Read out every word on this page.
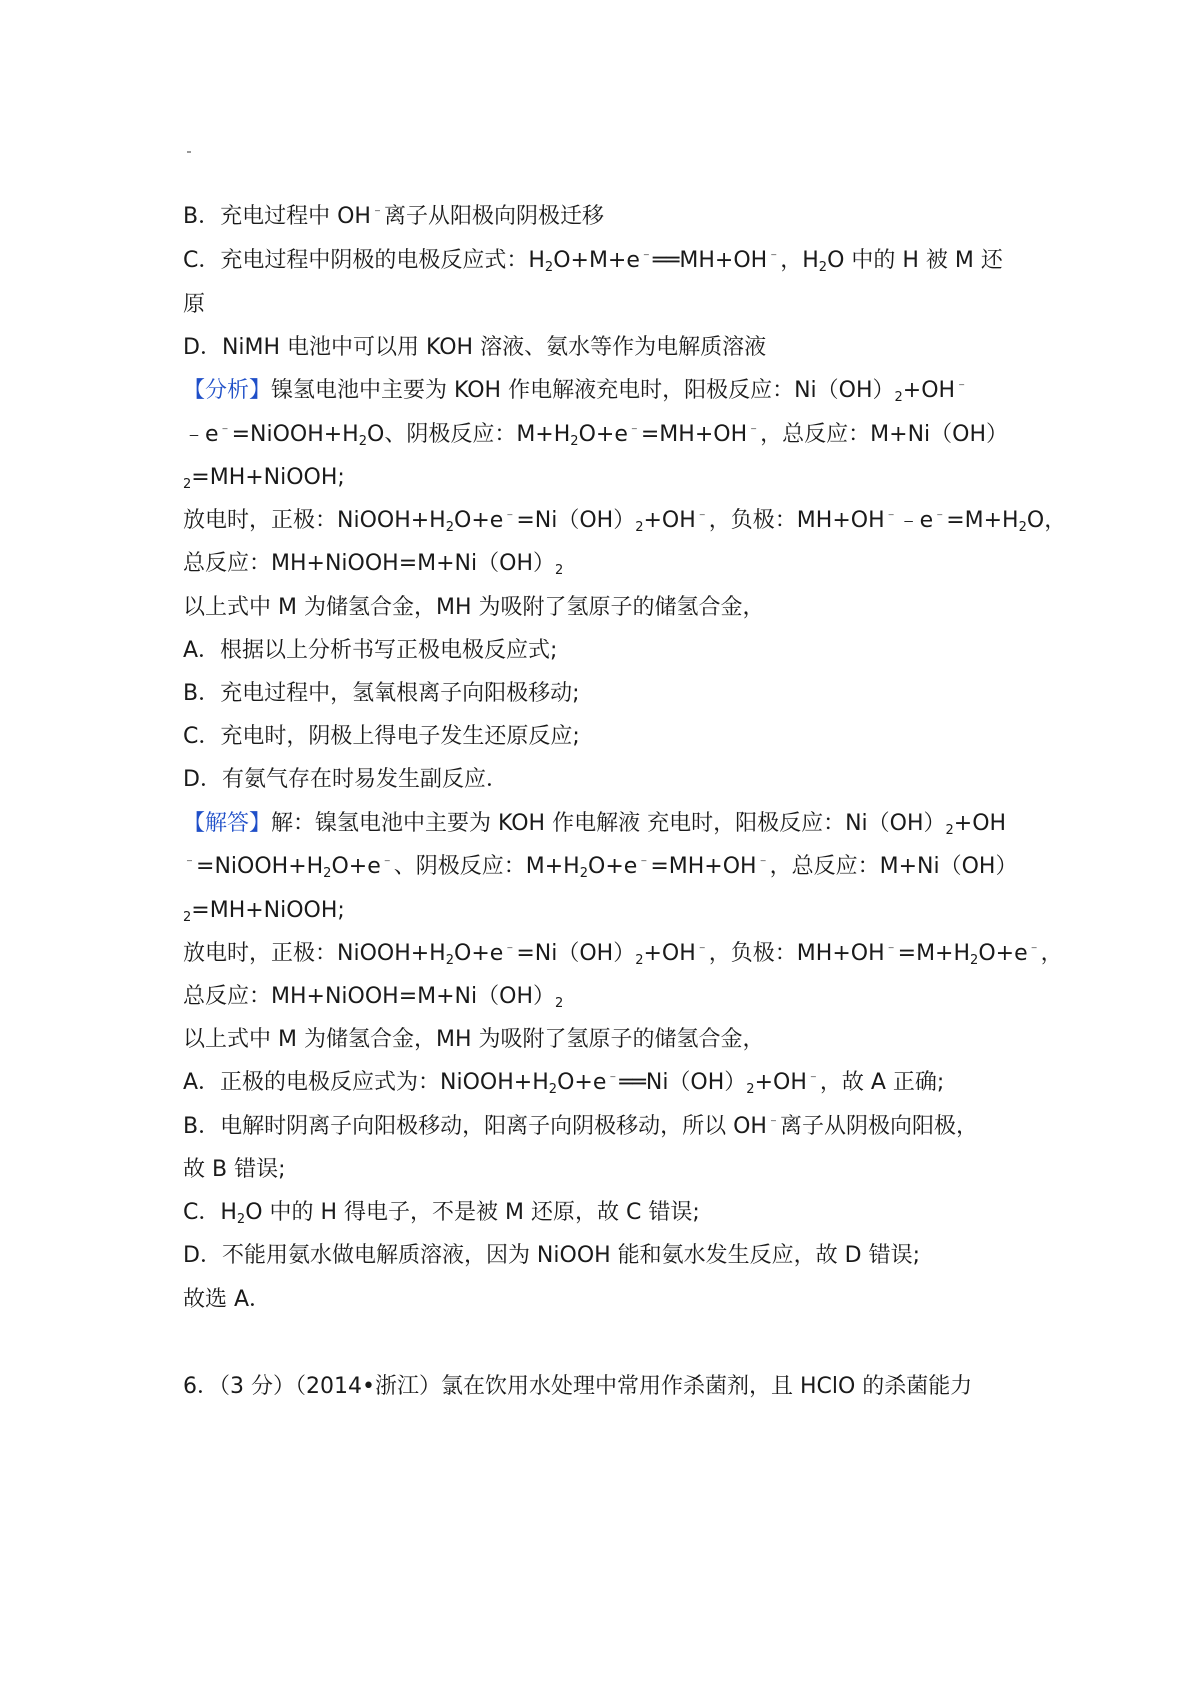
B．充电过程中 OH﹣离子从阳极向阴极迁移
C．充电过程中阴极的电极反应式：$H_2O+M+e^﹣══MH+OH^﹣$，$H_2O$ 中的 H 被 M 还
原
D．NiMH 电池中可以用 KOH 溶液、氨水等作为电解质溶液
【分析】镍氢电池中主要为 KOH 作电解液充电时，阳极反应：$Ni(OH)_2+OH^﹣$
$﹣e^﹣=NiOOH+H_2O$、阴极反应：$M+H_2O+e^﹣=MH+OH^﹣$，总反应：M+Ni（OH）
$_2$=MH+NiOOH;
放电时，正极：$NiOOH+H_2O+e^﹣=Ni(OH)_2+OH^﹣$，负极：$MH+OH^﹣﹣e^﹣=M+H_2O$，
总反应：$MH+NiOOH=M+Ni(OH)_2$
以上式中 M 为储氢合金，MH 为吸附了氢原子的储氢合金，
A．根据以上分析书写正极电极反应式;
B．充电过程中，氢氧根离子向阳极移动;
C．充电时，阴极上得电子发生还原反应;
D．有氨气存在时易发生副反应．
【解答】解：镍氢电池中主要为 KOH 作电解液 充电时，阳极反应：$Ni(OH)_2+OH$
$^﹣=NiOOH+H_2O+e^﹣$、阴极反应：$M+H_2O+e^﹣=MH+OH^﹣$，总反应：M+Ni（OH）
$_2$=MH+NiOOH;
放电时，正极：$NiOOH+H_2O+e^﹣=Ni(OH)_2+OH^﹣$，负极：$MH+OH^﹣=M+H_2O+e^﹣$，
总反应：$MH+NiOOH=M+Ni(OH)_2$
以上式中 M 为储氢合金，MH 为吸附了氢原子的储氢合金，
A．正极的电极反应式为：$NiOOH+H_2O+e^﹣══Ni(OH)_2+OH^﹣$，故 A 正确;
B．电解时阴离子向阳极移动，阳离子向阴极移动，所以 OH﹣离子从阴极向阳极，
故 B 错误;
C．$H_2O$ 中的 H 得电子，不是被 M 还原，故 C 错误;
D．不能用氨水做电解质溶液，因为 NiOOH 能和氨水发生反应，故 D 错误;
故选 A．
6．（3 分）（2014•浙江）氯在饮用水处理中常用作杀菌剂，且 HClO 的杀菌能力
